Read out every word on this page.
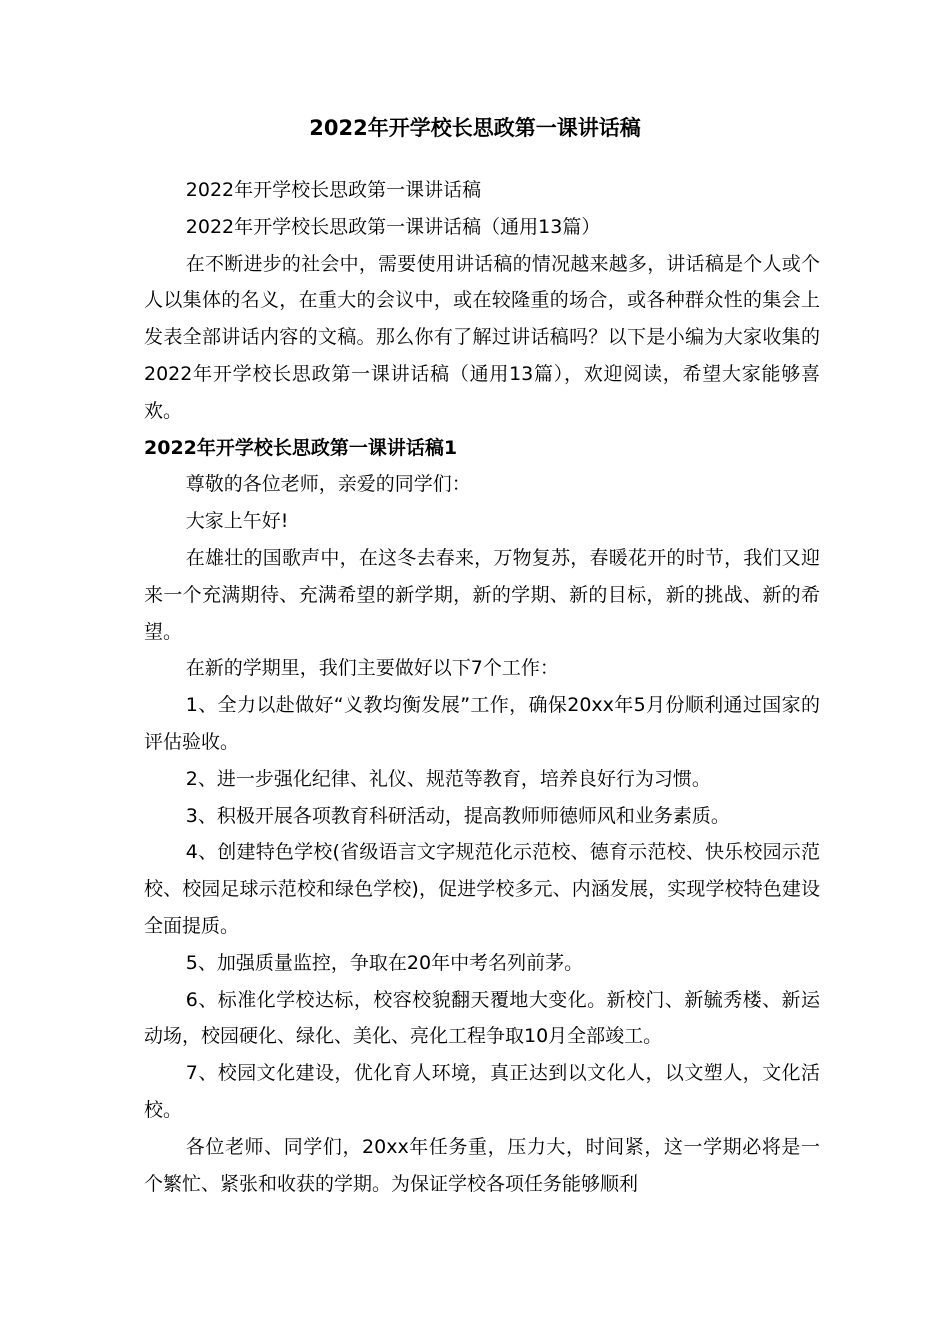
2022年开学校长思政第一课讲话稿

2022年开学校长思政第一课讲话稿

2022年开学校长思政第一课讲话稿（通用13篇）

在不断进步的社会中，需要使用讲话稿的情况越来越多，讲话稿是个人或个人以集体的名义，在重大的会议中，或在较隆重的场合，或各种群众性的集会上发表全部讲话内容的文稿。那么你有了解过讲话稿吗？以下是小编为大家收集的2022年开学校长思政第一课讲话稿（通用13篇），欢迎阅读，希望大家能够喜欢。

2022年开学校长思政第一课讲话稿1

尊敬的各位老师，亲爱的同学们：

大家上午好!

在雄壮的国歌声中，在这冬去春来，万物复苏，春暖花开的时节，我们又迎来一个充满期待、充满希望的新学期，新的学期、新的目标，新的挑战、新的希望。

在新的学期里，我们主要做好以下7个工作：

1、全力以赴做好“义教均衡发展”工作，确保20xx年5月份顺利通过国家的评估验收。

2、进一步强化纪律、礼仪、规范等教育，培养良好行为习惯。

3、积极开展各项教育科研活动，提高教师师德师风和业务素质。

4、创建特色学校(省级语言文字规范化示范校、德育示范校、快乐校园示范校、校园足球示范校和绿色学校)，促进学校多元、内涵发展，实现学校特色建设全面提质。

5、加强质量监控，争取在20年中考名列前茅。

6、标准化学校达标，校容校貌翻天覆地大变化。新校门、新毓秀楼、新运动场，校园硬化、绿化、美化、亮化工程争取10月全部竣工。

7、校园文化建设，优化育人环境，真正达到以文化人，以文塑人，文化活校。

各位老师、同学们，20xx年任务重，压力大，时间紧，这一学期必将是一个繁忙、紧张和收获的学期。为保证学校各项任务能够顺利
